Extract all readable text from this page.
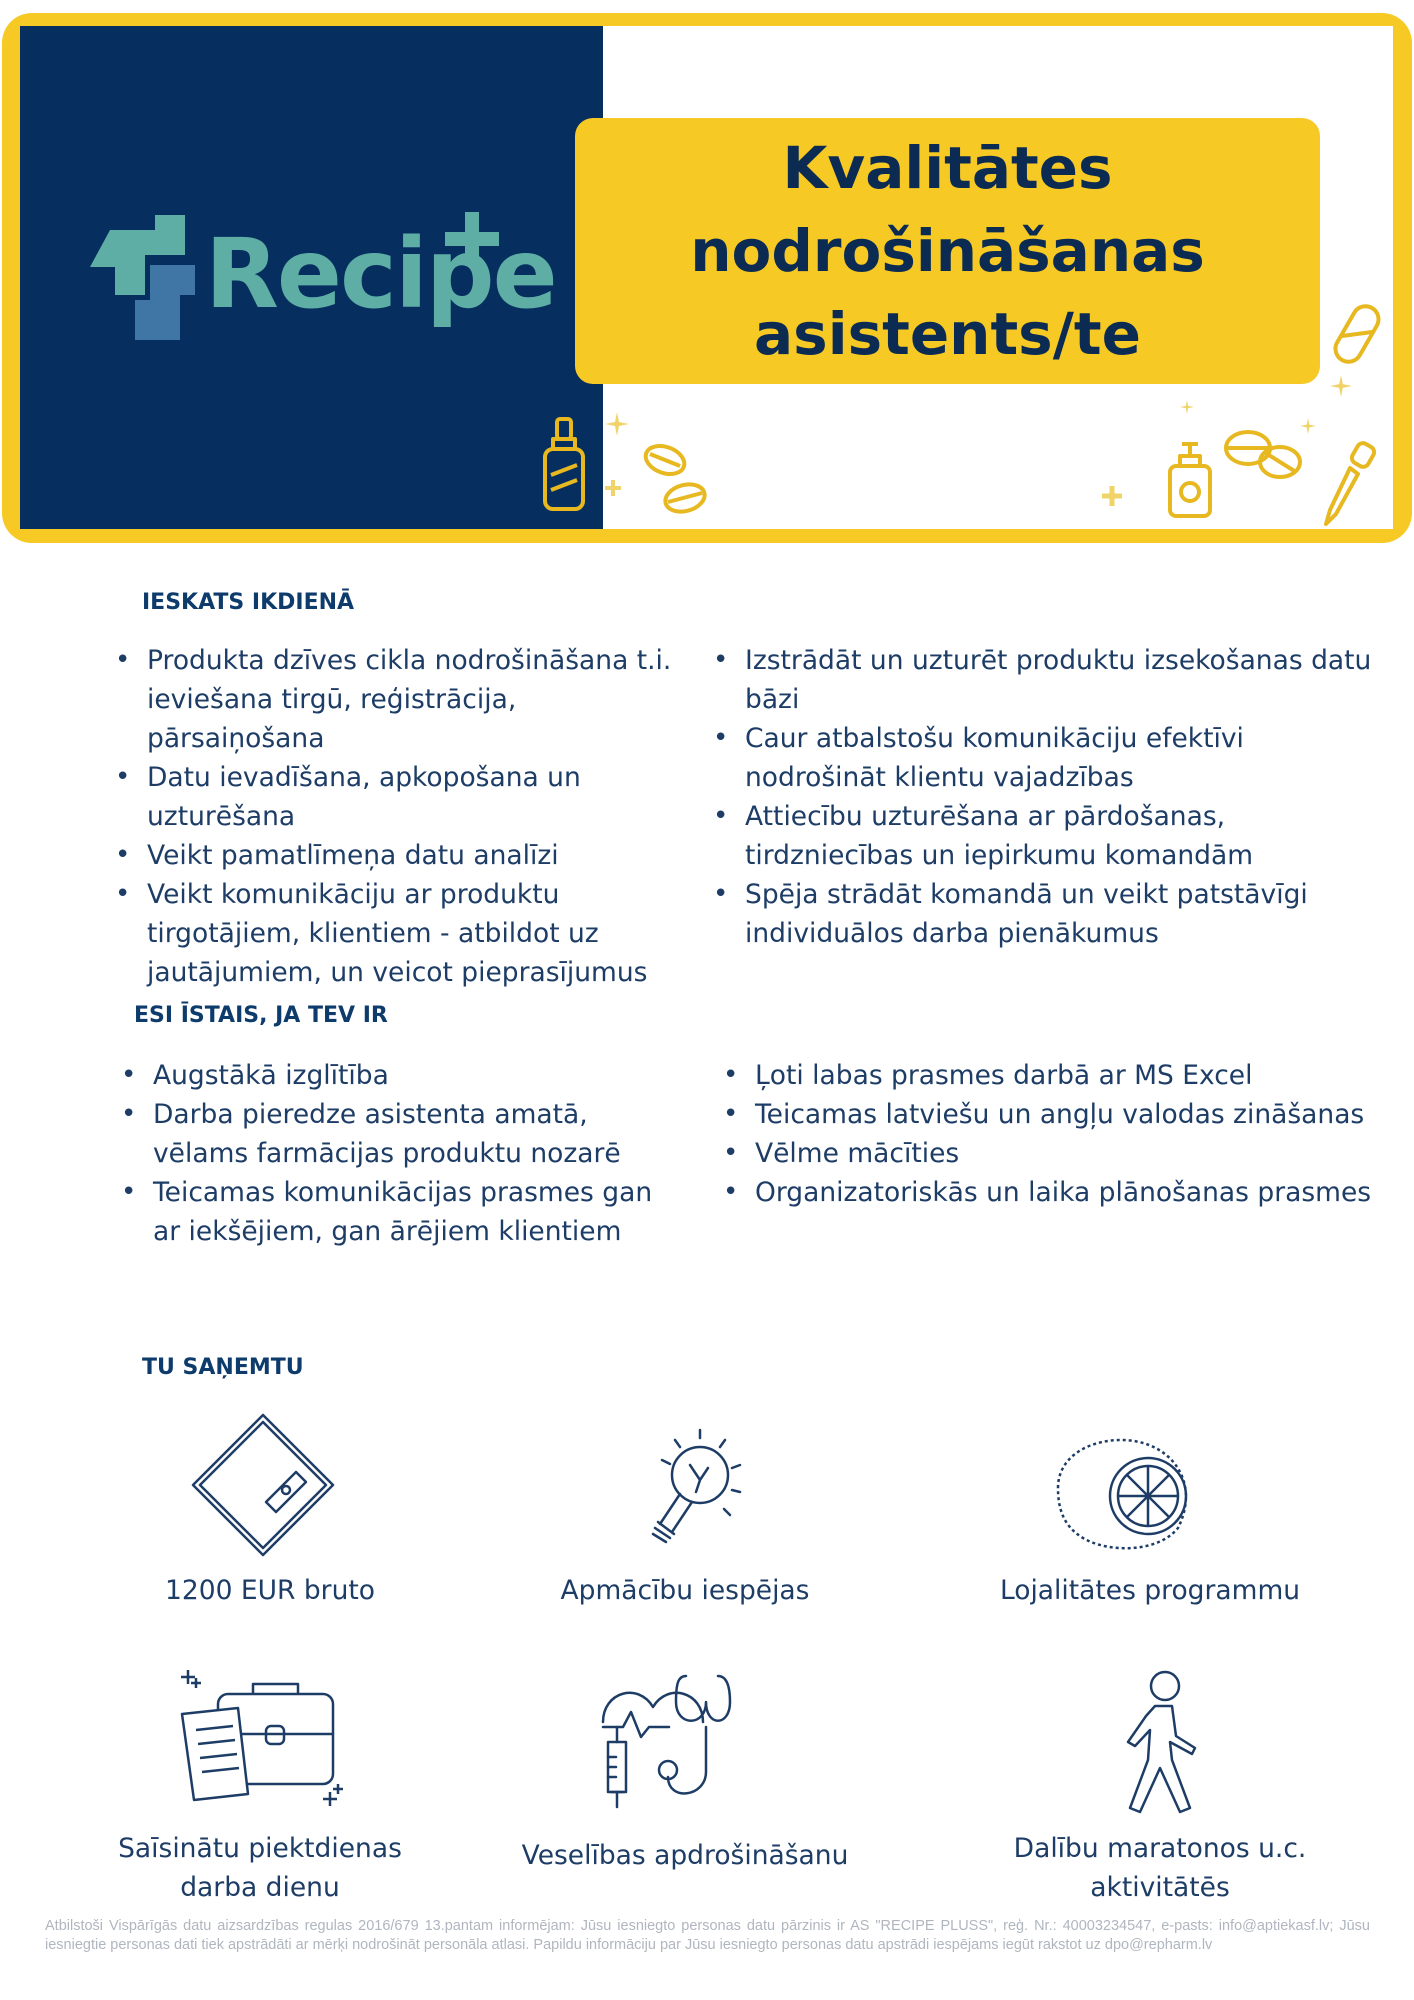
Recipe
Kvalitātes
nodrošināšanas
asistents/te
IESKATS IKDIENĀ
• Produkta dzīves cikla nodrošināšana t.i. ieviešana tirgū, reģistrācija, pārsaiņošana
• Datu ievadīšana, apkopošana un uzturēšana
• Veikt pamatlīmeņa datu analīzi
• Veikt komunikāciju ar produktu tirgotājiem, klientiem - atbildot uz jautājumiem, un veicot pieprasījumus
• Izstrādāt un uzturēt produktu izsekošanas datu bāzi
• Caur atbalstošu komunikāciju efektīvi nodrošināt klientu vajadzības
• Attiecību uzturēšana ar pārdošanas, tirdzniecības un iepirkumu komandām
• Spēja strādāt komandā un veikt patstāvīgi individuālos darba pienākumus
ESI ĪSTAIS, JA TEV IR
• Augstākā izglītība
• Darba pieredze asistenta amatā, vēlams farmācijas produktu nozarē
• Teicamas komunikācijas prasmes gan ar iekšējiem, gan ārējiem klientiem
• Ļoti labas prasmes darbā ar MS Excel
• Teicamas latviešu un angļu valodas zināšanas
• Vēlme mācīties
• Organizatoriskās un laika plānošanas prasmes
TU SAŅEMTU
1200 EUR bruto	Apmācību iespējas	Lojalitātes programmu
Saīsinātu piektdienas
darba dienu
Veselības apdrošināšanu	Dalību maratonos u.c.
aktivitātēs
Atbilstoši Vispārīgās datu aizsardzības regulas 2016/679 13.pantam informējam: Jūsu iesniegto personas datu pārzinis ir AS "RECIPE PLUSS", reģ. Nr.: 40003234547, e-pasts: info@aptiekasf.lv; Jūsu iesniegtie personas dati tiek apstrādāti ar mērķi nodrošināt personāla atlasi. Papildu informāciju par Jūsu iesniegto personas datu apstrādi iespējams iegūt rakstot uz dpo@repharm.lv
